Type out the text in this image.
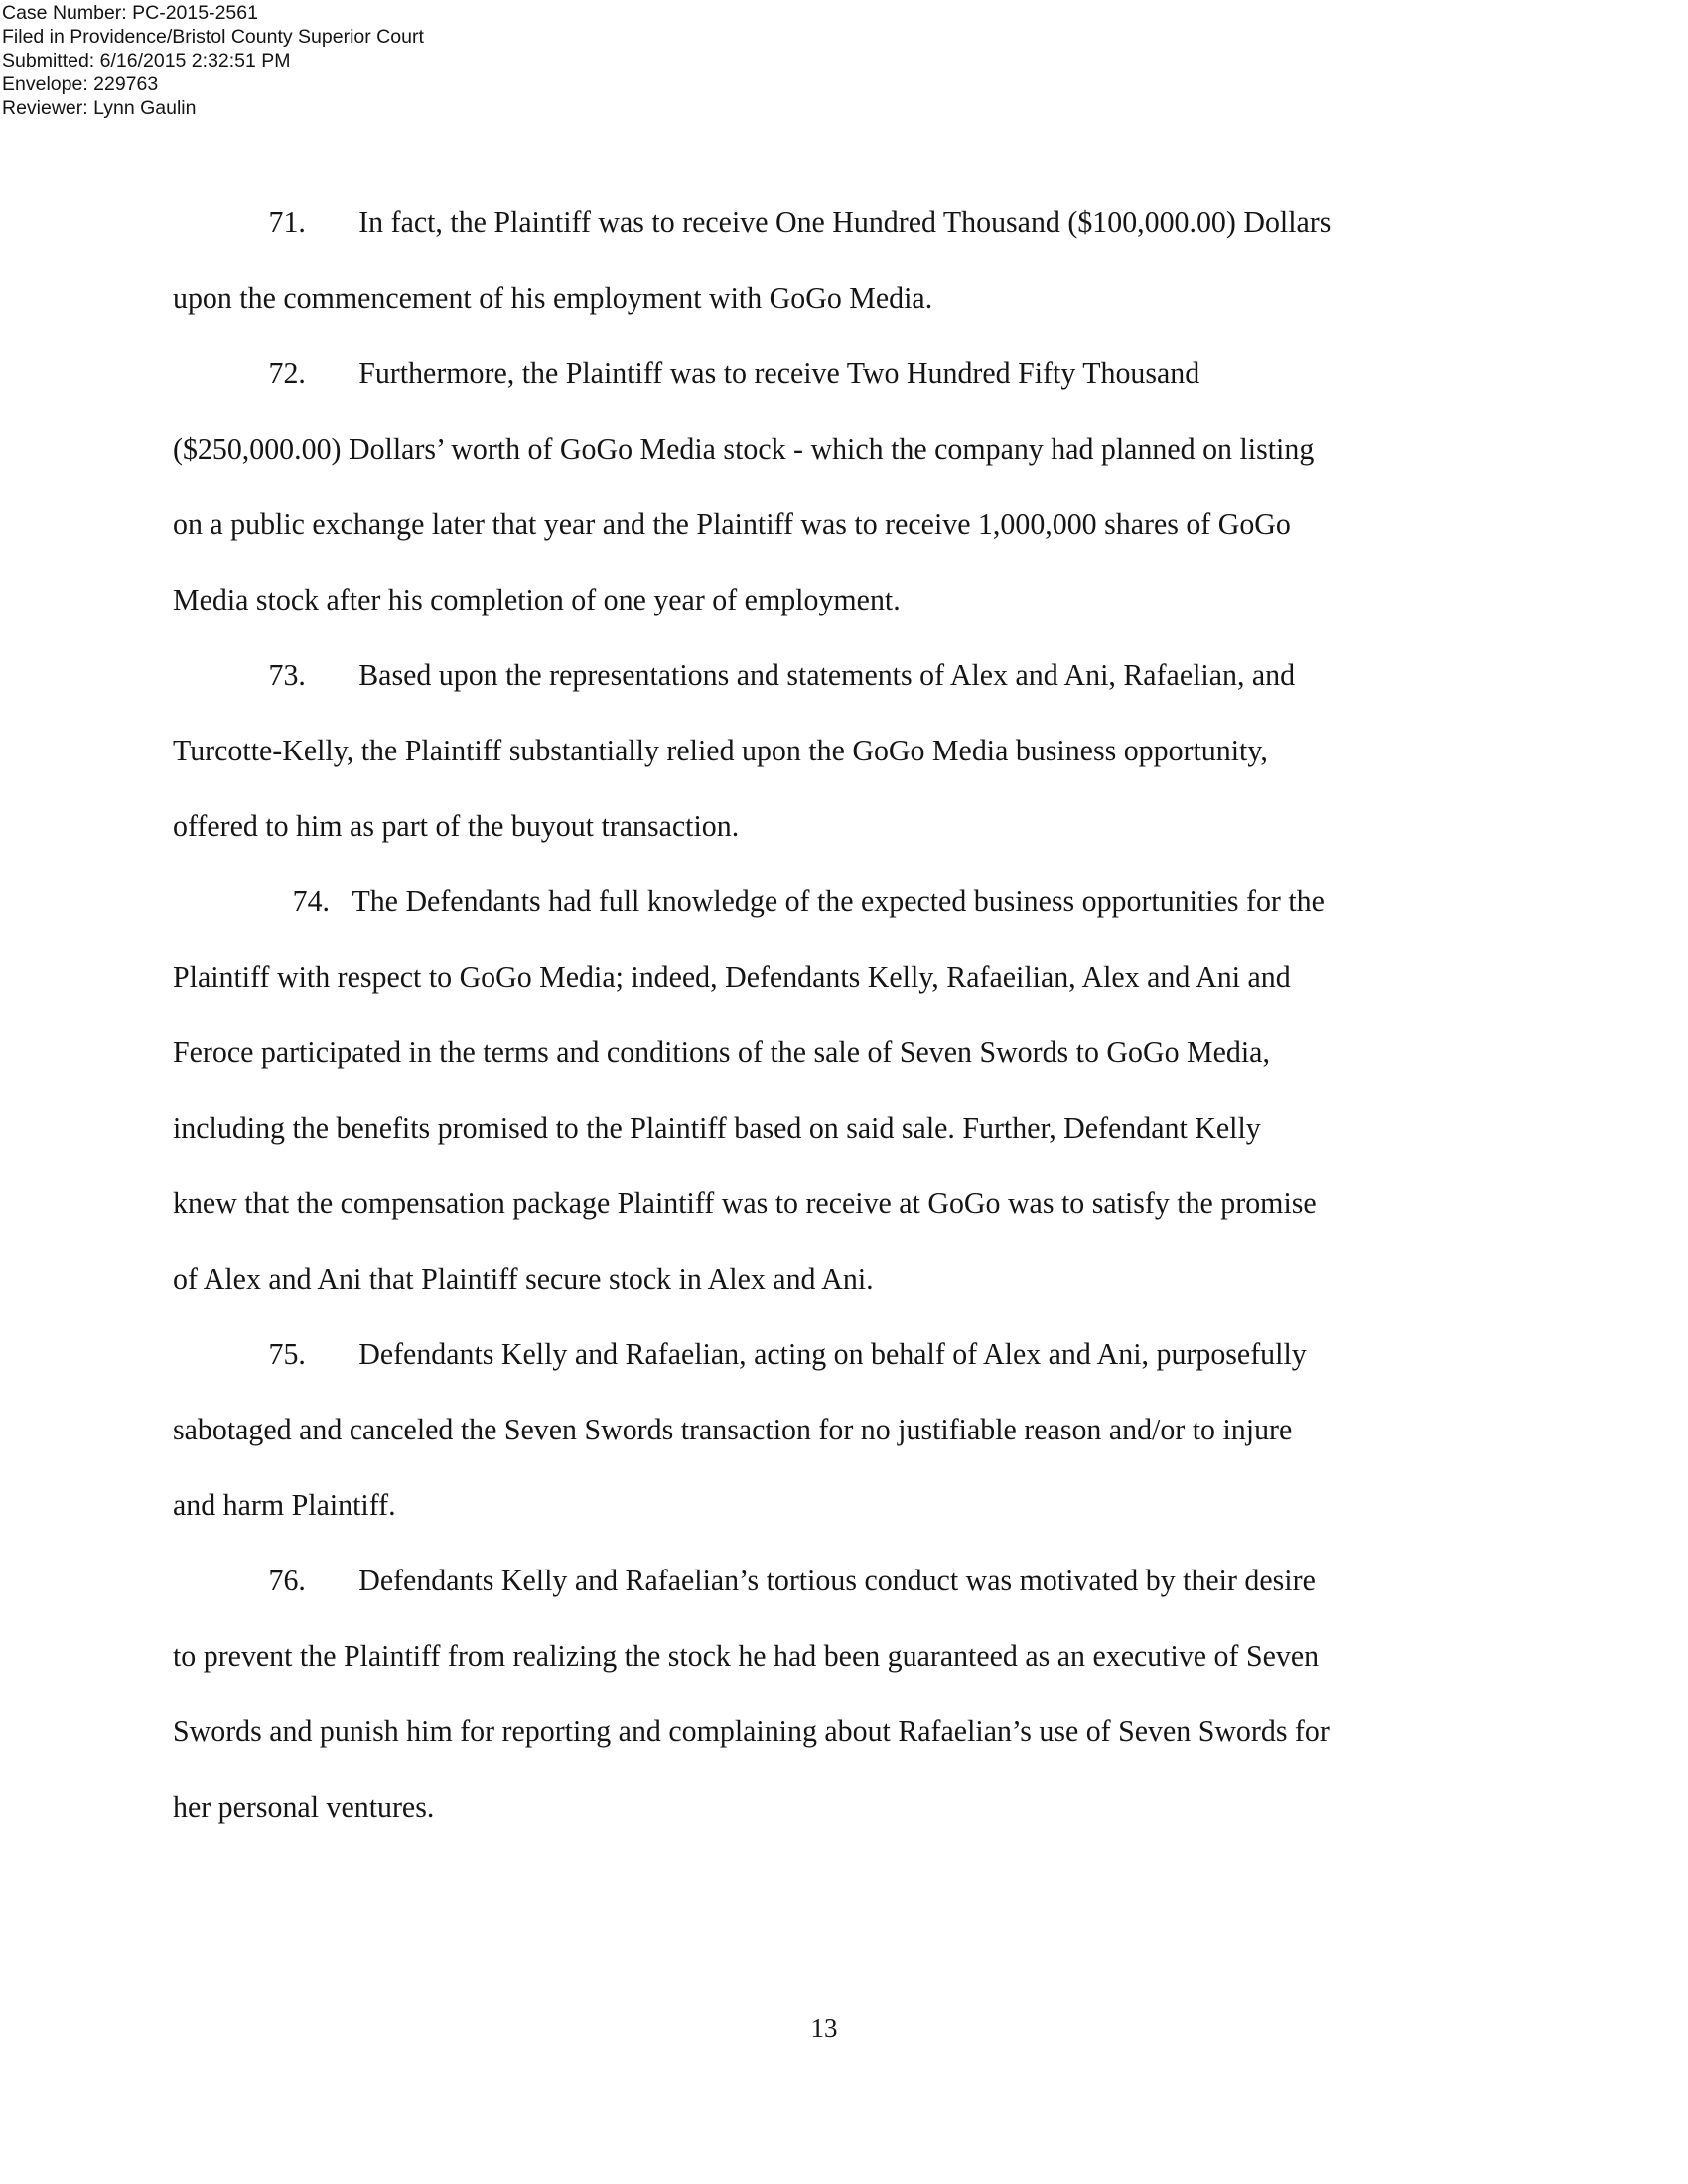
Case Number: PC-2015-2561
Filed in Providence/Bristol County Superior Court
Submitted: 6/16/2015 2:32:51 PM
Envelope: 229763
Reviewer: Lynn Gaulin
71. In fact, the Plaintiff was to receive One Hundred Thousand ($100,000.00) Dollars
upon the commencement of his employment with GoGo Media.
72. Furthermore, the Plaintiff was to receive Two Hundred Fifty Thousand
($250,000.00) Dollars’ worth of GoGo Media stock - which the company had planned on listing
on a public exchange later that year and the Plaintiff was to receive 1,000,000 shares of GoGo
Media stock after his completion of one year of employment.
73. Based upon the representations and statements of Alex and Ani, Rafaelian, and
Turcotte-Kelly, the Plaintiff substantially relied upon the GoGo Media business opportunity,
offered to him as part of the buyout transaction.
74. The Defendants had full knowledge of the expected business opportunities for the
Plaintiff with respect to GoGo Media; indeed, Defendants Kelly, Rafaeilian, Alex and Ani and
Feroce participated in the terms and conditions of the sale of Seven Swords to GoGo Media,
including the benefits promised to the Plaintiff based on said sale. Further, Defendant Kelly
knew that the compensation package Plaintiff was to receive at GoGo was to satisfy the promise
of Alex and Ani that Plaintiff secure stock in Alex and Ani.
75. Defendants Kelly and Rafaelian, acting on behalf of Alex and Ani, purposefully
sabotaged and canceled the Seven Swords transaction for no justifiable reason and/or to injure
and harm Plaintiff.
76. Defendants Kelly and Rafaelian’s tortious conduct was motivated by their desire
to prevent the Plaintiff from realizing the stock he had been guaranteed as an executive of Seven
Swords and punish him for reporting and complaining about Rafaelian’s use of Seven Swords for
her personal ventures.
13
